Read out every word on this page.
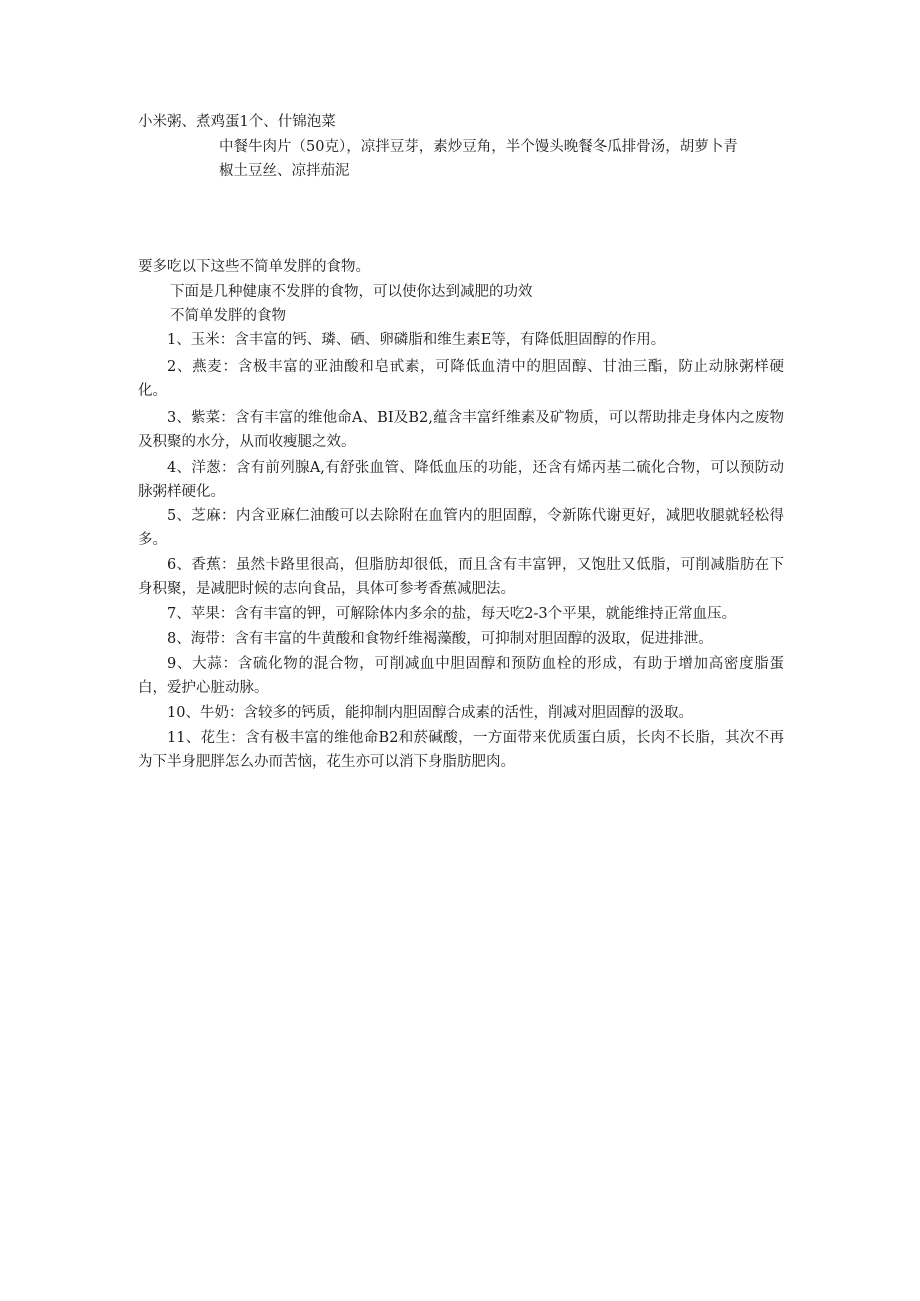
小米粥、煮鸡蛋1个、什锦泡菜
中餐牛肉片（50克），凉拌豆芽，素炒豆角，半个馒头晚餐冬瓜排骨汤，胡萝卜青
椒土豆丝、凉拌茄泥
要多吃以下这些不简单发胖的食物。
下面是几种健康不发胖的食物，可以使你达到减肥的功效
不简单发胖的食物
1、玉米：含丰富的钙、璘、硒、卵磷脂和维生素E等，有降低胆固醇的作用。
2、燕麦：含极丰富的亚油酸和皂甙素，可降低血清中的胆固醇、甘油三酯，防止动脉粥样硬化。
3、紫菜：含有丰富的维他命A、BI及B2,蕴含丰富纤维素及矿物质，可以帮助排走身体内之废物及积聚的水分，从而收瘦腿之效。
4、洋葱：含有前列腺A,有舒张血管、降低血压的功能，还含有烯丙基二硫化合物，可以预防动脉粥样硬化。
5、芝麻：内含亚麻仁油酸可以去除附在血管内的胆固醇，令新陈代谢更好，减肥收腿就轻松得多。
6、香蕉：虽然卡路里很高，但脂肪却很低，而且含有丰富钾，又饱肚又低脂，可削减脂肪在下身积聚，是减肥时候的志向食品，具体可参考香蕉减肥法。
7、苹果：含有丰富的钾，可解除体内多余的盐，每天吃2-3个平果，就能维持正常血压。
8、海带：含有丰富的牛黄酸和食物纤维褐藻酸，可抑制对胆固醇的汲取，促进排泄。
9、大蒜：含硫化物的混合物，可削减血中胆固醇和预防血栓的形成，有助于增加高密度脂蛋白，爱护心脏动脉。
10、牛奶：含较多的钙质，能抑制内胆固醇合成素的活性，削减对胆固醇的汲取。
11、花生：含有极丰富的维他命B2和菸碱酸，一方面带来优质蛋白质，长肉不长脂，其次不再为下半身肥胖怎么办而苦恼，花生亦可以消下身脂肪肥肉。
